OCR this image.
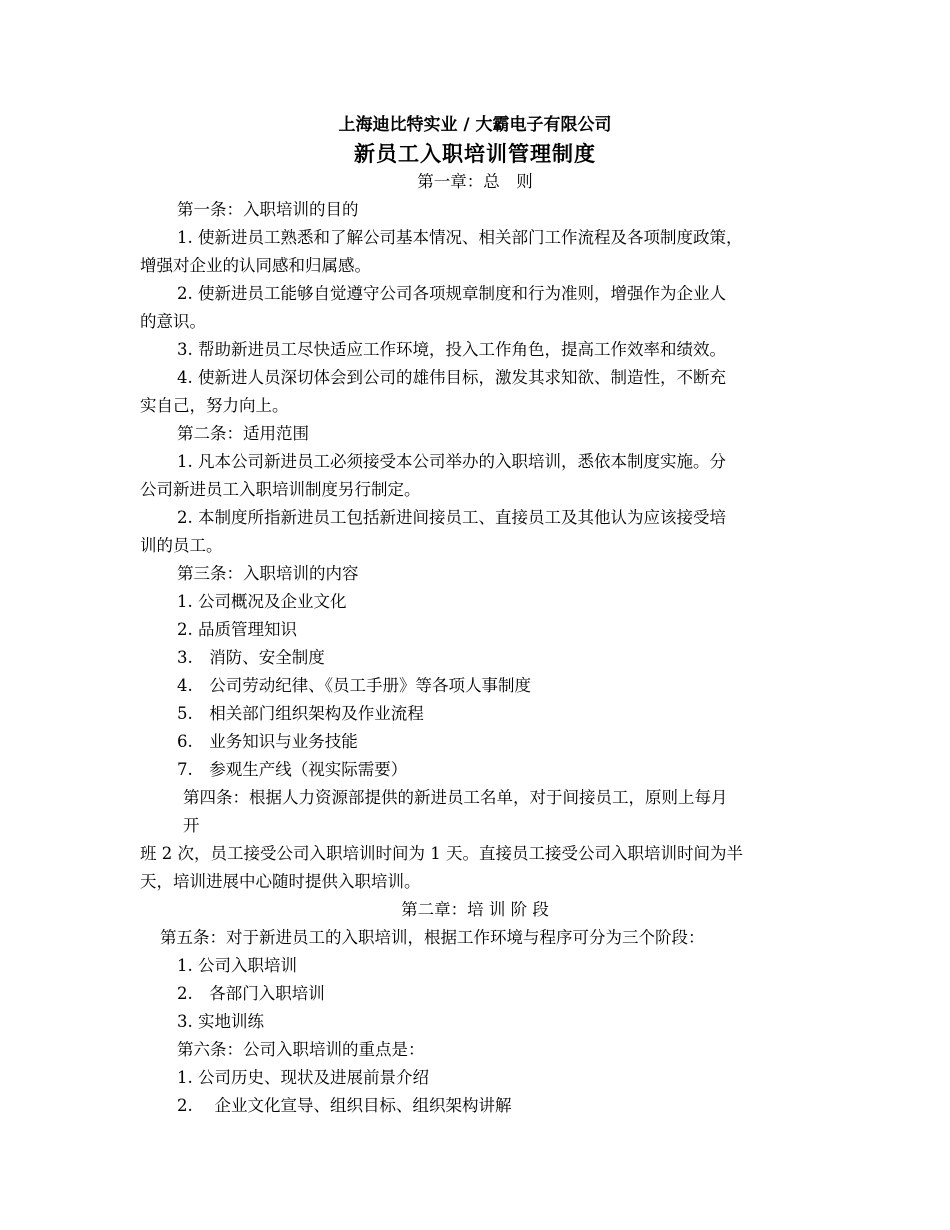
上海迪比特实业 / 大霸电子有限公司
新员工入职培训管理制度
第一章：总　则
第一条：入职培训的目的
1. 使新进员工熟悉和了解公司基本情况、相关部门工作流程及各项制度政策，
增强对企业的认同感和归属感。
2. 使新进员工能够自觉遵守公司各项规章制度和行为准则，增强作为企业人
的意识。
3. 帮助新进员工尽快适应工作环境，投入工作角色，提高工作效率和绩效。
4. 使新进人员深切体会到公司的雄伟目标，激发其求知欲、制造性，不断充
实自己，努力向上。
第二条：适用范围
1. 凡本公司新进员工必须接受本公司举办的入职培训，悉依本制度实施。分
公司新进员工入职培训制度另行制定。
2. 本制度所指新进员工包括新进间接员工、直接员工及其他认为应该接受培
训的员工。
第三条：入职培训的内容
1. 公司概况及企业文化
2. 品质管理知识
3.　消防、安全制度
4.　公司劳动纪律、《员工手册》等各项人事制度
5.　相关部门组织架构及作业流程
6.　业务知识与业务技能
7.　参观生产线（视实际需要）
第四条：根据人力资源部提供的新进员工名单，对于间接员工，原则上每月
开
班 2 次，员工接受公司入职培训时间为 1 天。直接员工接受公司入职培训时间为半
天，培训进展中心随时提供入职培训。
第二章：培 训 阶 段
第五条：对于新进员工的入职培训，根据工作环境与程序可分为三个阶段：
1. 公司入职培训
2.　各部门入职培训
3. 实地训练
第六条：公司入职培训的重点是：
1. 公司历史、现状及进展前景介绍
2.　 企业文化宣导、组织目标、组织架构讲解
